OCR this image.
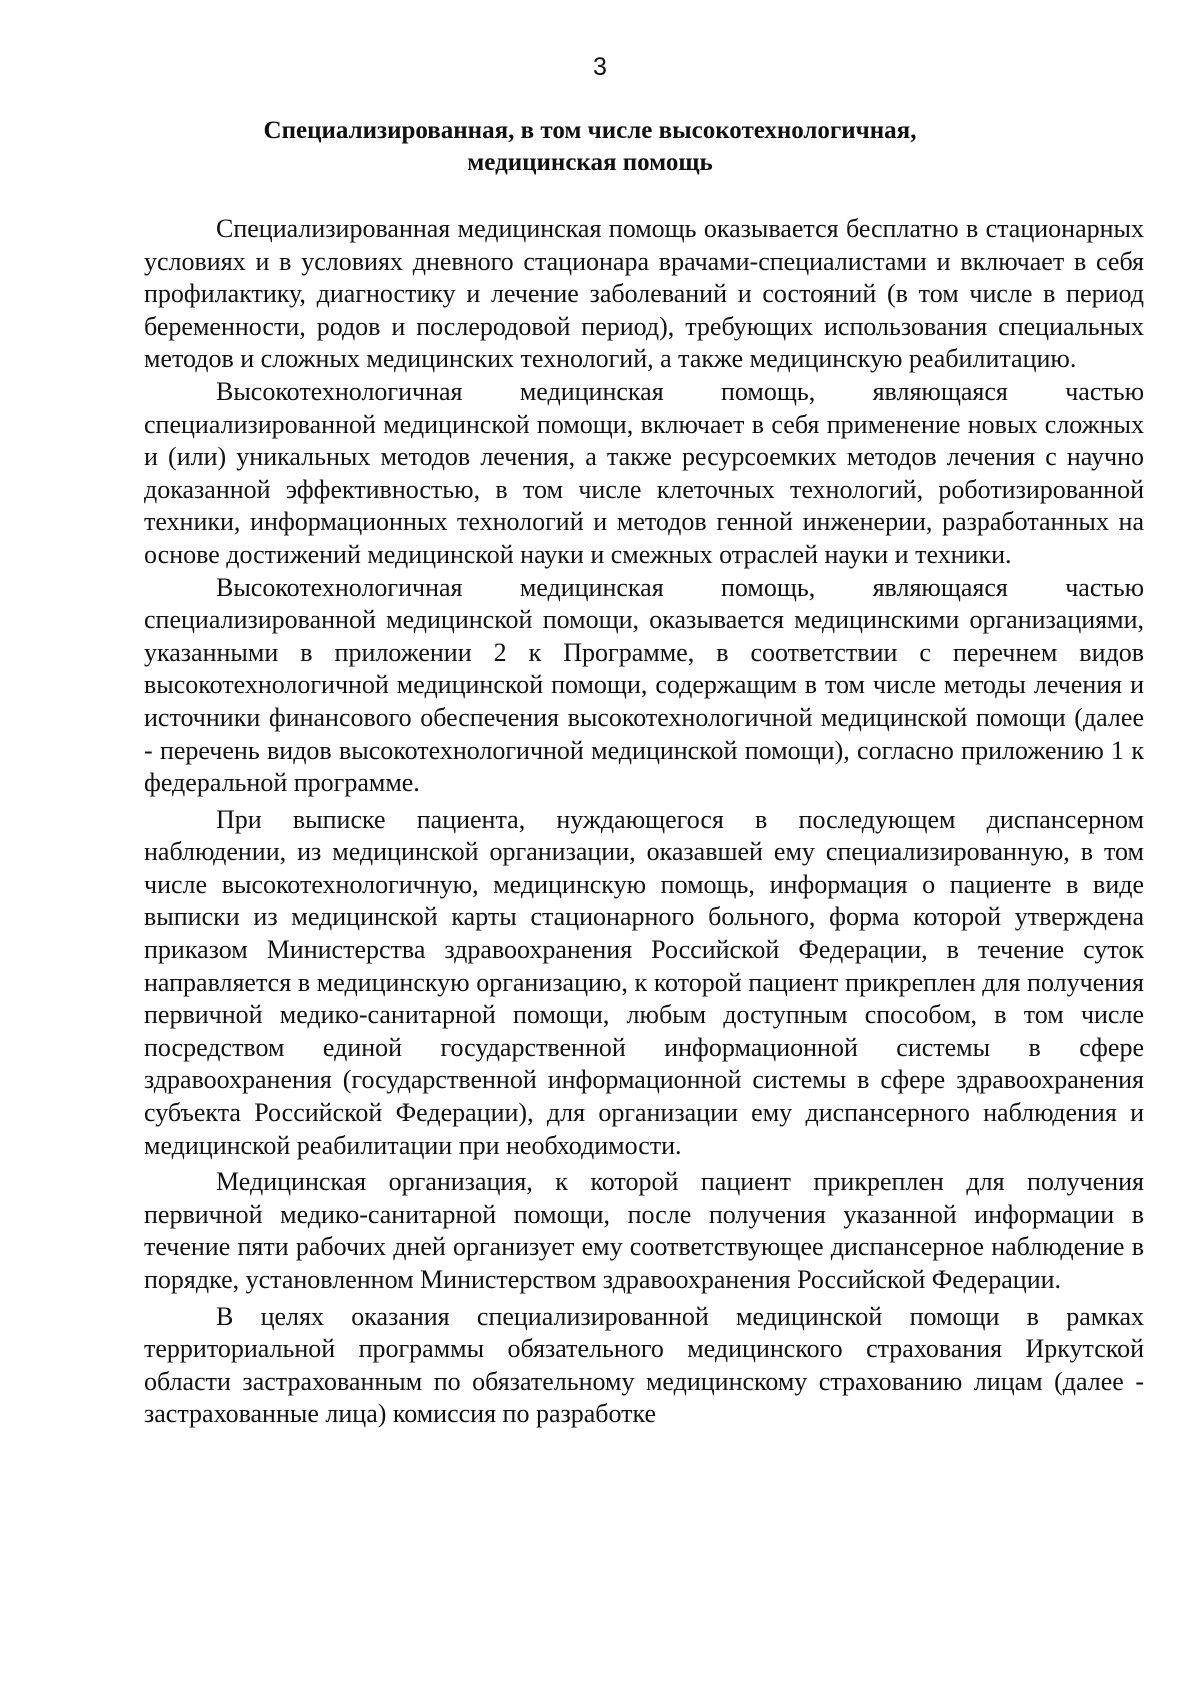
3
Специализированная, в том числе высокотехнологичная,
медицинская помощь

Специализированная медицинская помощь оказывается бесплатно в стационарных условиях и в условиях дневного стационара врачами-специалистами и включает в себя профилактику, диагностику и лечение заболеваний и состояний (в том числе в период беременности, родов и послеродовой период), требующих использования специальных методов и сложных медицинских технологий, а также медицинскую реабилитацию.

Высокотехнологичная медицинская помощь, являющаяся частью специализированной медицинской помощи, включает в себя применение новых сложных и (или) уникальных методов лечения, а также ресурсоемких методов лечения с научно доказанной эффективностью, в том числе клеточных технологий, роботизированной техники, информационных технологий и методов генной инженерии, разработанных на основе достижений медицинской науки и смежных отраслей науки и техники.

Высокотехнологичная медицинская помощь, являющаяся частью специализированной медицинской помощи, оказывается медицинскими организациями, указанными в приложении 2 к Программе, в соответствии с перечнем видов высокотехнологичной медицинской помощи, содержащим в том числе методы лечения и источники финансового обеспечения высокотехнологичной медицинской помощи (далее - перечень видов высокотехнологичной медицинской помощи), согласно приложению 1 к федеральной программе.

При выписке пациента, нуждающегося в последующем диспансерном наблюдении, из медицинской организации, оказавшей ему специализированную, в том числе высокотехнологичную, медицинскую помощь, информация о пациенте в виде выписки из медицинской карты стационарного больного, форма которой утверждена приказом Министерства здравоохранения Российской Федерации, в течение суток направляется в медицинскую организацию, к которой пациент прикреплен для получения первичной медико-санитарной помощи, любым доступным способом, в том числе посредством единой государственной информационной системы в сфере здравоохранения (государственной информационной системы в сфере здравоохранения субъекта Российской Федерации), для организации ему диспансерного наблюдения и медицинской реабилитации при необходимости.

Медицинская организация, к которой пациент прикреплен для получения первичной медико-санитарной помощи, после получения указанной информации в течение пяти рабочих дней организует ему соответствующее диспансерное наблюдение в порядке, установленном Министерством здравоохранения Российской Федерации.

В целях оказания специализированной медицинской помощи в рамках территориальной программы обязательного медицинского страхования Иркутской области застрахованным по обязательному медицинскому страхованию лицам (далее - застрахованные лица) комиссия по разработке
